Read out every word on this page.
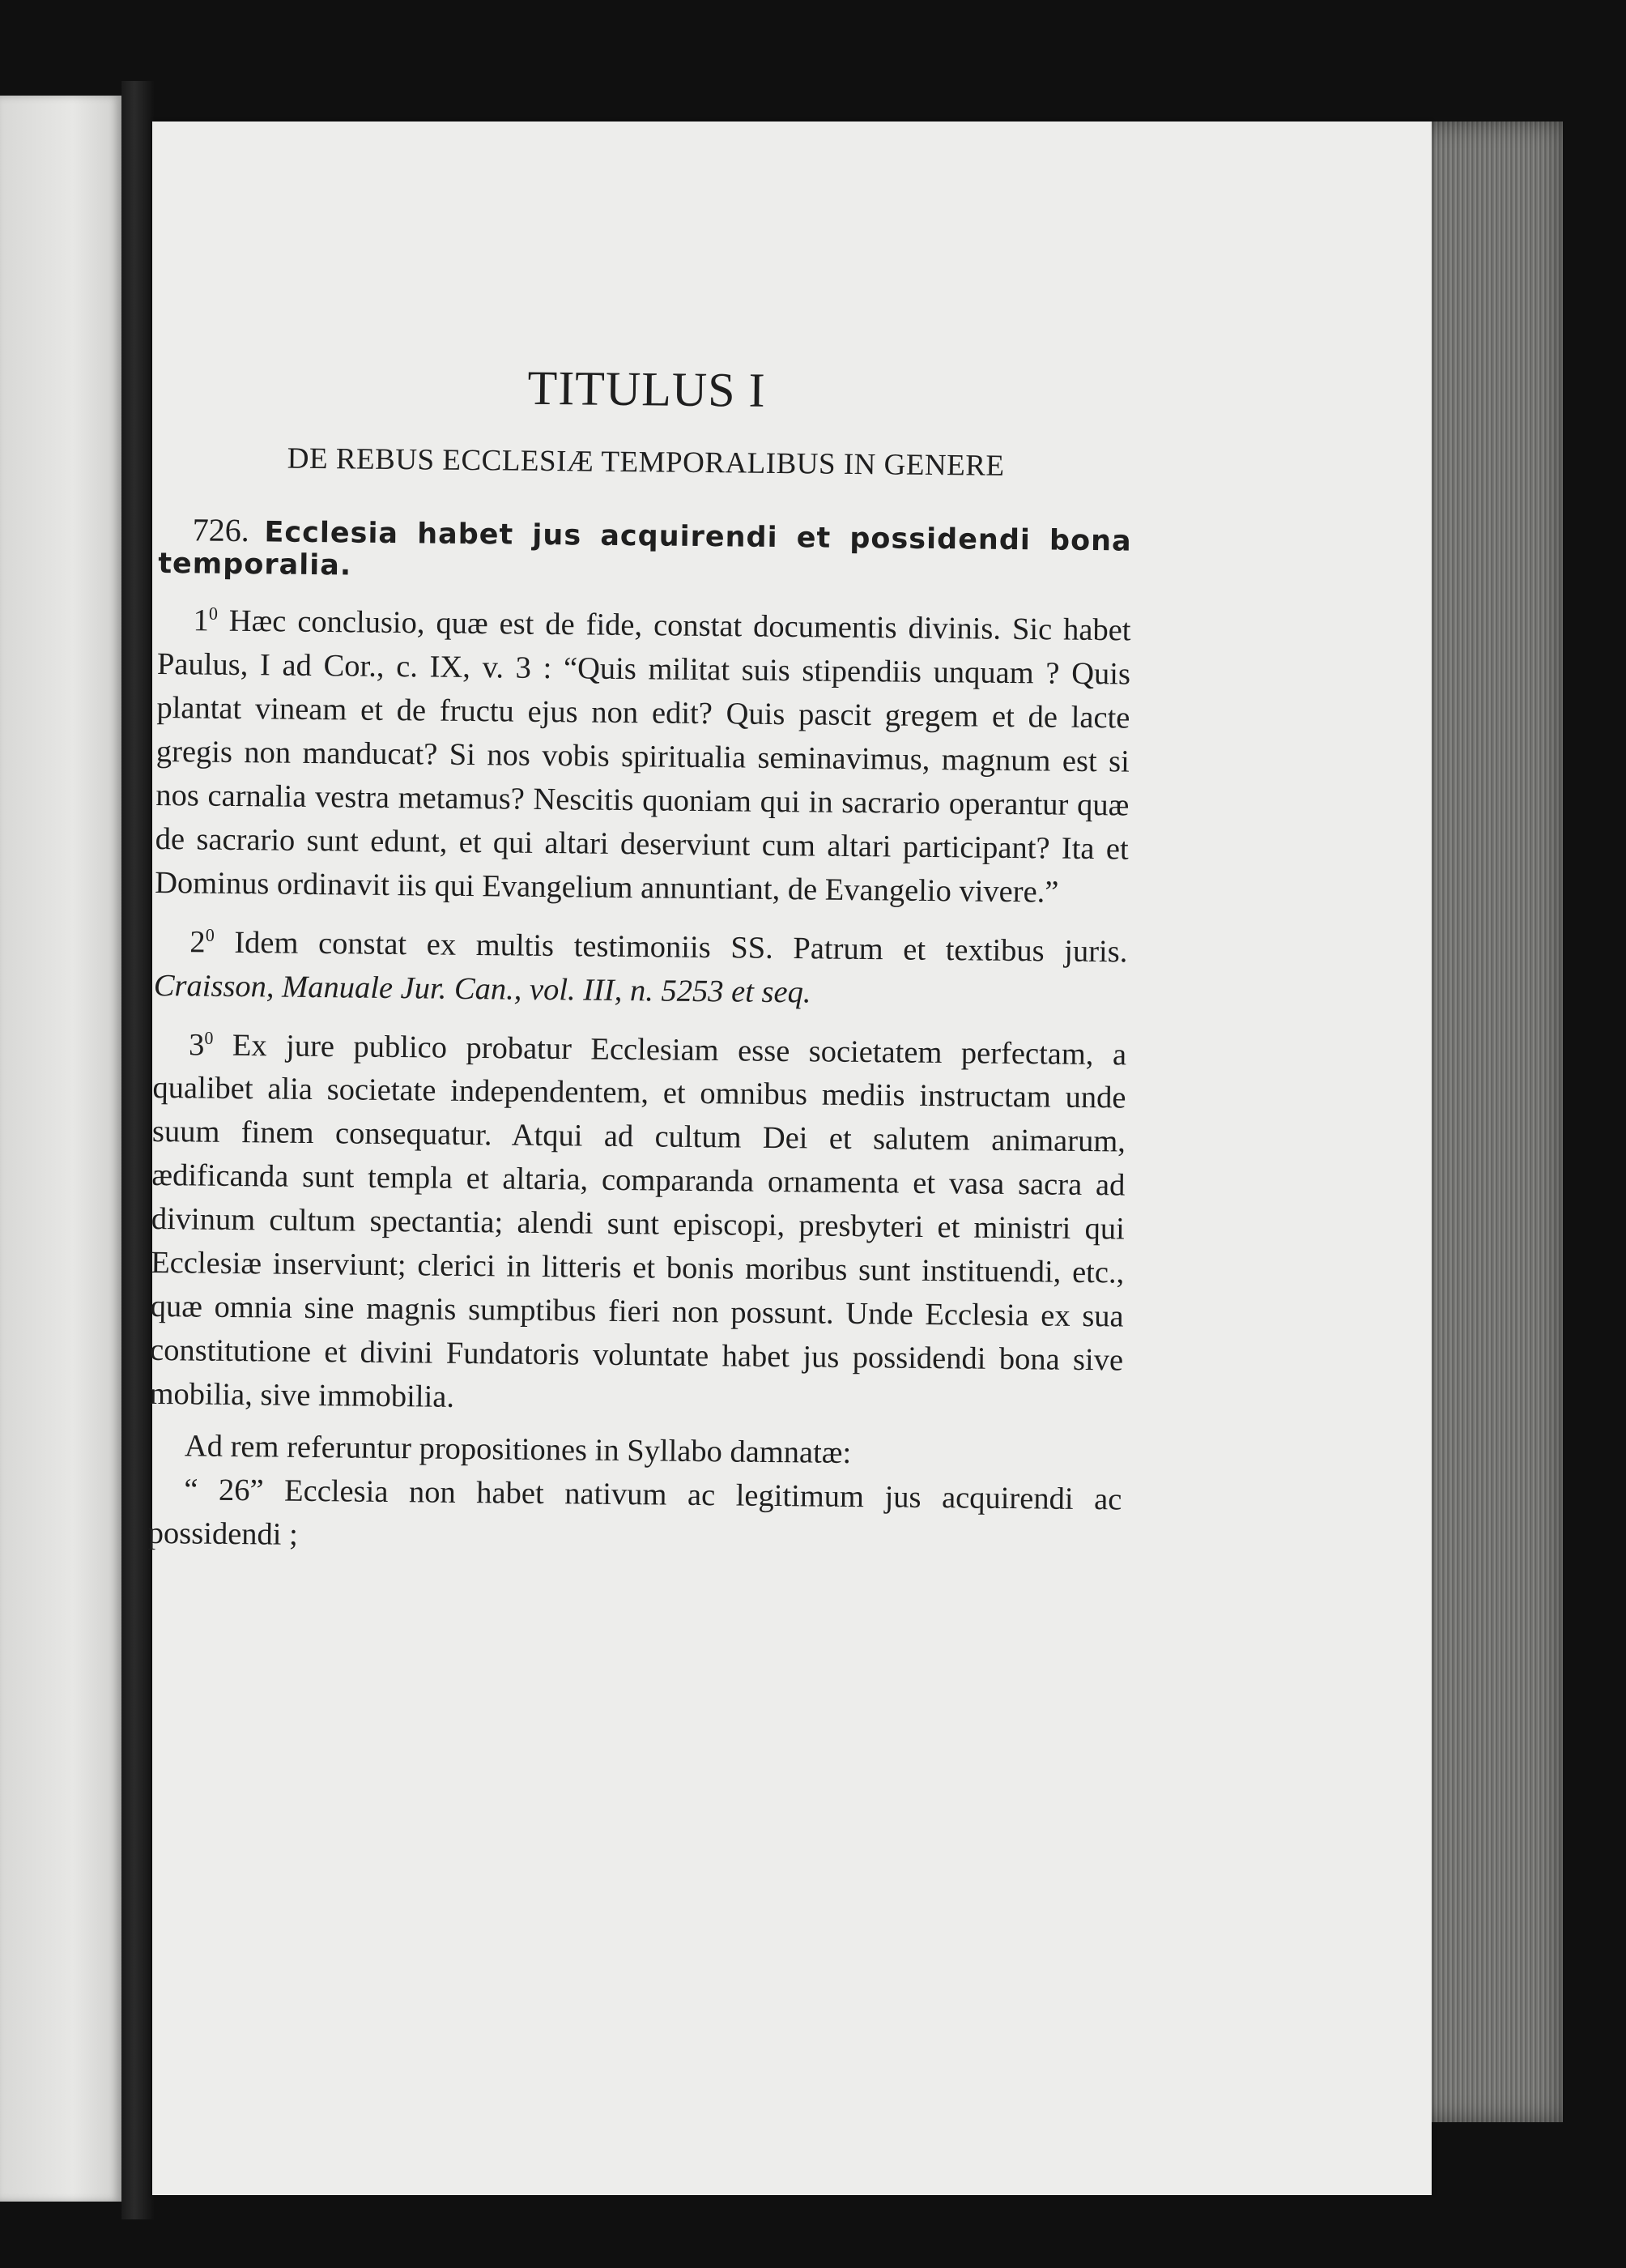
TITULUS I
DE REBUS ECCLESIÆ TEMPORALIBUS IN GENERE

726. Ecclesia habet jus acquirendi et possidendi bona temporalia.

$1^0$ Hæc conclusio, quæ est de fide, constat documentis divinis. Sic habet Paulus, I ad Cor., c. IX, v. 3 : “Quis militat suis stipendiis unquam ? Quis plantat vineam et de fructu ejus non edit? Quis pascit gregem et de lacte gregis non manducat? Si nos vobis spiritualia seminavimus, magnum est si nos carnalia vestra metamus? Nescitis quoniam qui in sacrario operantur quæ de sacrario sunt edunt, et qui altari deserviunt cum altari participant? Ita et Dominus ordinavit iis qui Evangelium annuntiant, de Evangelio vivere.”

$2^0$ Idem constat ex multis testimoniis SS. Patrum et textibus juris. Craisson, Manuale Jur. Can., vol. III, n. 5253 et seq.

$3^0$ Ex jure publico probatur Ecclesiam esse societatem perfectam, a qualibet alia societate independentem, et omnibus mediis instructam unde suum finem consequatur. Atqui ad cultum Dei et salutem animarum, ædificanda sunt templa et altaria, comparanda ornamenta et vasa sacra ad divinum cultum spectantia; alendi sunt episcopi, presbyteri et ministri qui Ecclesiæ inserviunt; clerici in litteris et bonis moribus sunt instituendi, etc., quæ omnia sine magnis sumptibus fieri non possunt. Unde Ecclesia ex sua constitutione et divini Fundatoris voluntate habet jus possidendi bona sive mobilia, sive immobilia.

Ad rem referuntur propositiones in Syllabo damnatæ:

“ 26” Ecclesia non habet nativum ac legitimum jus acquirendi ac possidendi ;
